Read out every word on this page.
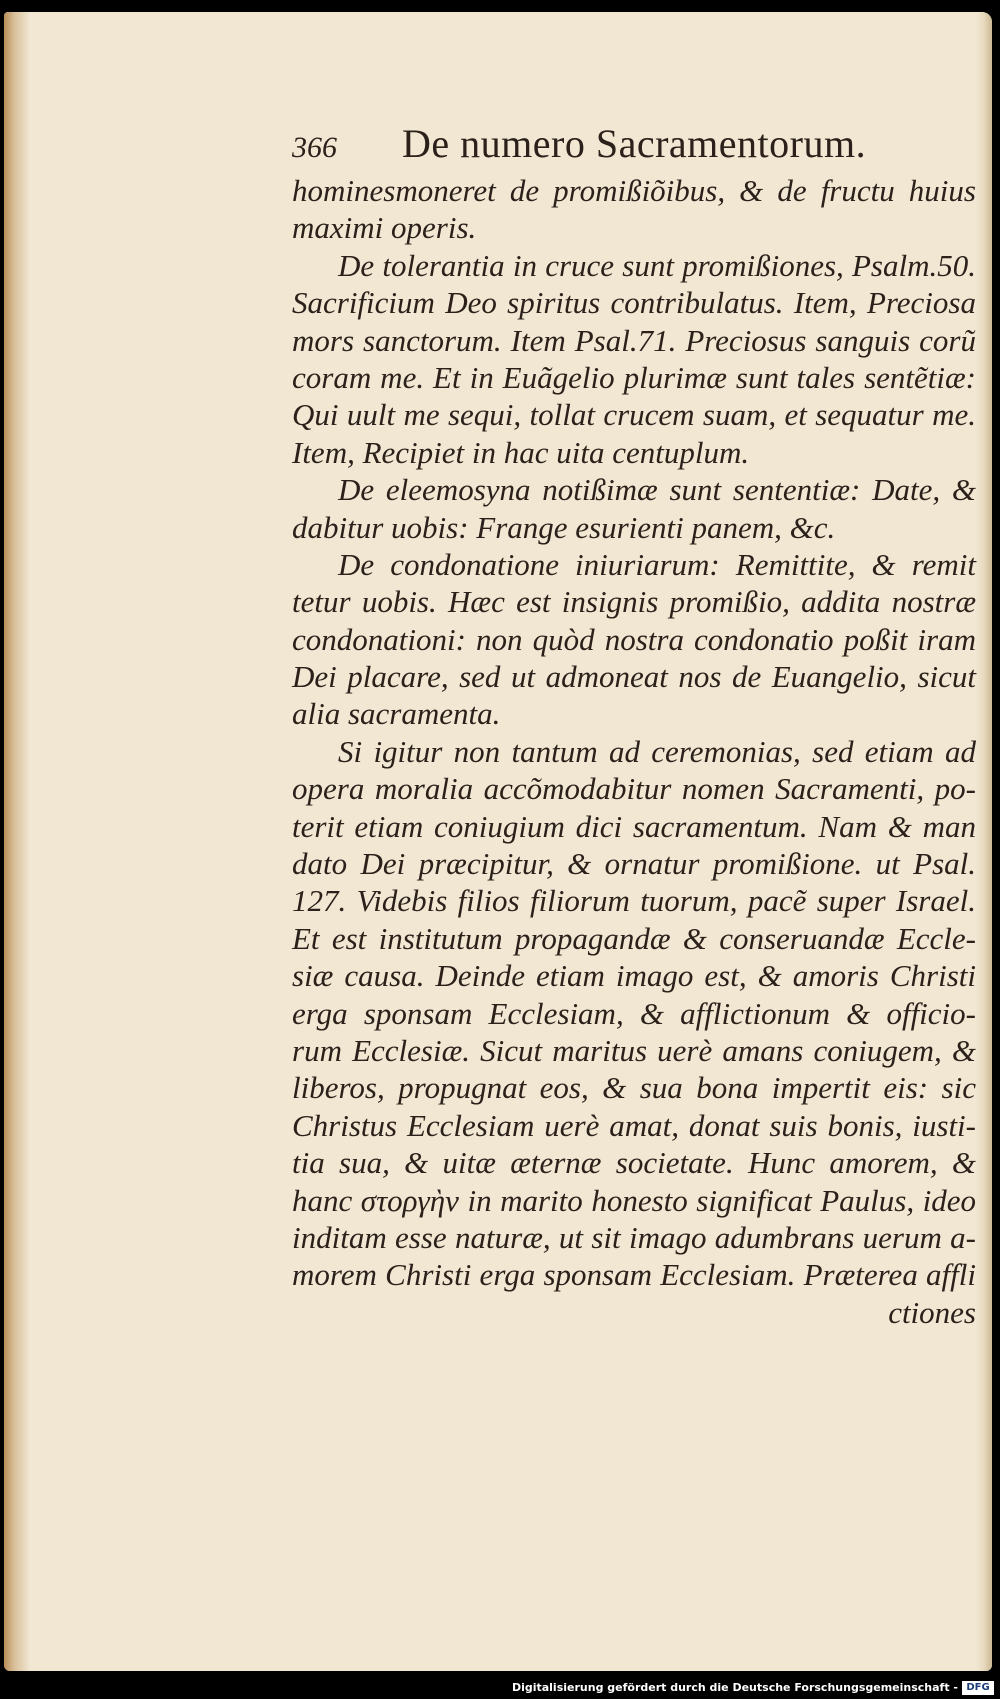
366	De numero Sacramentorum.
hominesmoneret de promißiõibus, & de fructu huius
maximi operis.
De tolerantia in cruce sunt promißiones, Psalm.50.
Sacrificium Deo spiritus contribulatus. Item, Preciosa
mors sanctorum. Item Psal.71. Preciosus sanguis corũ
coram me. Et in Euãgelio plurimæ sunt tales sentẽtiæ:
Qui uult me sequi, tollat crucem suam, et sequatur me.
Item, Recipiet in hac uita centuplum.
De eleemosyna notißimæ sunt sententiæ: Date, &
dabitur uobis: Frange esurienti panem, &c.
De condonatione iniuriarum: Remittite, & remit
tetur uobis. Hæc est insignis promißio, addita nostræ
condonationi: non quòd nostra condonatio poßit iram
Dei placare, sed ut admoneat nos de Euangelio, sicut
alia sacramenta.
Si igitur non tantum ad ceremonias, sed etiam ad
opera moralia accõmodabitur nomen Sacramenti, po-
terit etiam coniugium dici sacramentum. Nam & man
dato Dei præcipitur, & ornatur promißione. ut Psal.
127. Videbis filios filiorum tuorum, pacẽ super Israel.
Et est institutum propagandæ & conseruandæ Eccle-
siæ causa. Deinde etiam imago est, & amoris Christi
erga sponsam Ecclesiam, & afflictionum & officio-
rum Ecclesiæ. Sicut maritus uerè amans coniugem, &
liberos, propugnat eos, & sua bona impertit eis: sic
Christus Ecclesiam uerè amat, donat suis bonis, iusti-
tia sua, & uitæ æternæ societate. Hunc amorem, &
hanc στοργὴν in marito honesto significat Paulus, ideo
inditam esse naturæ, ut sit imago adumbrans uerum a-
morem Christi erga sponsam Ecclesiam. Præterea affli
ctiones
Digitalisierung gefördert durch die Deutsche Forschungsgemeinschaft - DFG
